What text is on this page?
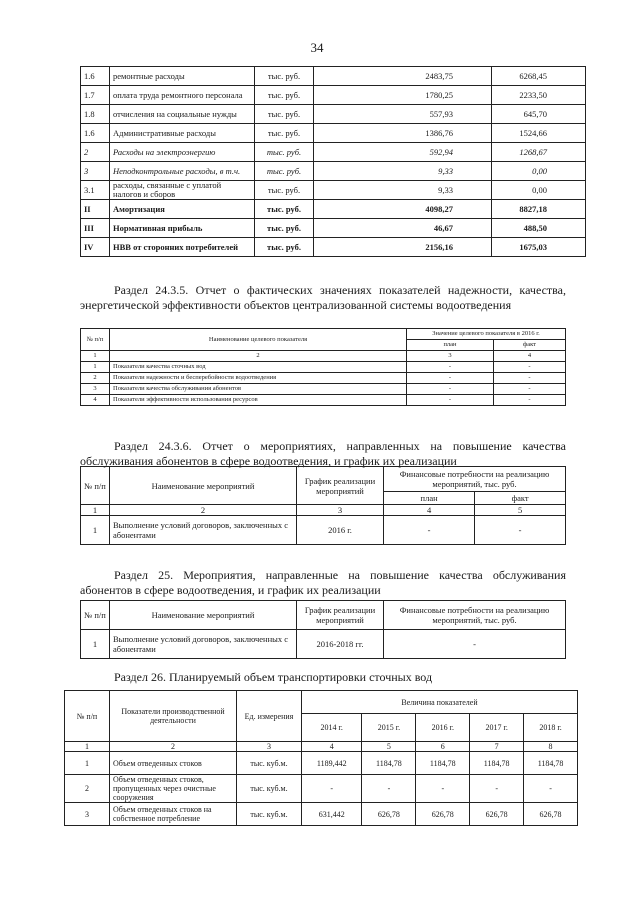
34
1.6	ремонтные расходы	тыс. руб.	2483,75	6268,45
1.7	оплата труда ремонтного персонала	тыс. руб.	1780,25	2233,50
1.8	отчисления на социальные нужды	тыс. руб.	557,93	645,70
1.6	Административные расходы	тыс. руб.	1386,76	1524,66
2	Расходы на электроэнергию	тыс. руб.	592,94	1268,67
3	Неподконтрольные расходы, в т.ч.	тыс. руб.	9,33	0,00
3.1	расходы, связанные с уплатой налогов и сборов	тыс. руб.	9,33	0,00
II	Амортизация	тыс. руб.	4098,27	8827,18
III	Нормативная прибыль	тыс. руб.	46,67	488,50
IV	НВВ от сторонних потребителей	тыс. руб.	2156,16	1675,03
Раздел 24.3.5. Отчет о фактических значениях показателей надежности, качества, энергетической эффективности объектов централизованной системы водоотведения
№ п/п	Наименование целевого показателя	Значение целевого показателя в 2016 г.	
		план	факт
1	2	3	4
1	Показатели качества сточных вод	-	-
2	Показатели надежности и бесперебойности водоотведения	-	-
3	Показатели качества обслуживания абонентов	-	-
4	Показатели эффективности использования ресурсов	-	-
Раздел 24.3.6. Отчет о мероприятиях, направленных на повышение качества обслуживания абонентов в сфере водоотведения, и график их реализации
№ п/п	Наименование мероприятий	График реализации мероприятий	Финансовые потребности на реализацию мероприятий, тыс. руб.	
			план	факт
1	2	3	4	5
1	Выполнение условий договоров, заключенных с абонентами	2016 г.	-	-
Раздел 25. Мероприятия, направленные на повышение качества обслуживания абонентов в сфере водоотведения, и график их реализации
№ п/п	Наименование мероприятий	График реализации мероприятий	Финансовые потребности на реализацию мероприятий, тыс. руб.
1	Выполнение условий договоров, заключенных с абонентами	2016-2018 гг.	-
Раздел 26. Планируемый объем транспортировки сточных вод
№ п/п	Показатели производственной деятельности	Ед. измерения	Величина показателей				
			2014 г.	2015 г.	2016 г.	2017 г.	2018 г.
1	2	3	4	5	6	7	8
1	Объем отведенных стоков	тыс. куб.м.	1189,442	1184,78	1184,78	1184,78	1184,78
2	Объем отведенных стоков, пропущенных через очистные сооружения	тыс. куб.м.	-	-	-	-	-
3	Объем отведенных стоков на собственное потребление	тыс. куб.м.	631,442	626,78	626,78	626,78	626,78
